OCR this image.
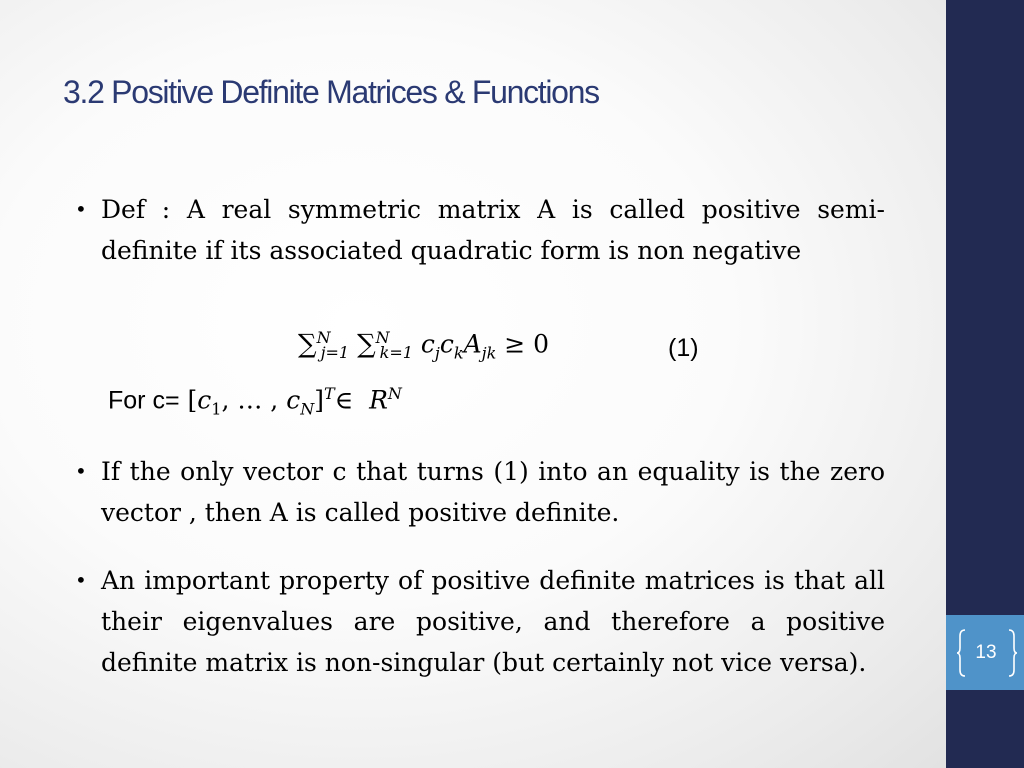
13
3.2 Positive Definite Matrices & Functions
• Def : A real symmetric matrix A is called positive semi-definite if its associated quadratic form is non negative
∑$^N_{j=1}$ ∑$^N_{k=1}$ $c_jc_kA_{jk} \ge 0$	(1)
For $c= [c_1$, … , $c_N]^T\in$ $R^N$
• If the only vector c that turns (1) into an equality is the zero vector , then A is called positive definite.
• An important property of positive definite matrices is that all their eigenvalues are positive, and therefore a positive definite matrix is non-singular (but certainly not vice versa).
